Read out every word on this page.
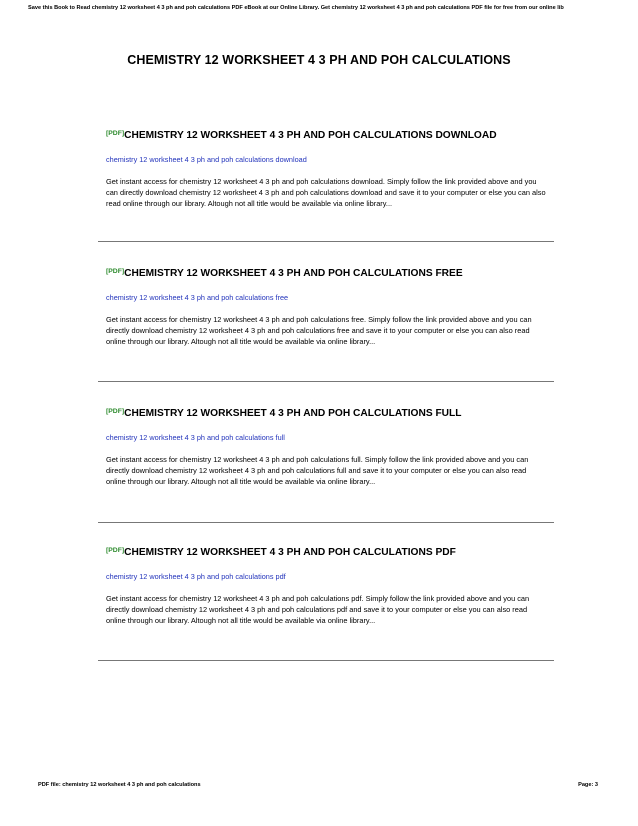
Save this Book to Read chemistry 12 worksheet 4 3 ph and poh calculations PDF eBook at our Online Library. Get chemistry 12 worksheet 4 3 ph and poh calculations PDF file for free from our online lib
CHEMISTRY 12 WORKSHEET 4 3 PH AND POH CALCULATIONS
[PDF]CHEMISTRY 12 WORKSHEET 4 3 PH AND POH CALCULATIONS DOWNLOAD
chemistry 12 worksheet 4 3 ph and poh calculations download
Get instant access for chemistry 12 worksheet 4 3 ph and poh calculations download. Simply follow the link provided above and you can directly download chemistry 12 worksheet 4 3 ph and poh calculations download and save it to your computer or else you can also read online through our library. Altough not all title would be available via online library...
[PDF]CHEMISTRY 12 WORKSHEET 4 3 PH AND POH CALCULATIONS FREE
chemistry 12 worksheet 4 3 ph and poh calculations free
Get instant access for chemistry 12 worksheet 4 3 ph and poh calculations free. Simply follow the link provided above and you can directly download chemistry 12 worksheet 4 3 ph and poh calculations free and save it to your computer or else you can also read online through our library. Altough not all title would be available via online library...
[PDF]CHEMISTRY 12 WORKSHEET 4 3 PH AND POH CALCULATIONS FULL
chemistry 12 worksheet 4 3 ph and poh calculations full
Get instant access for chemistry 12 worksheet 4 3 ph and poh calculations full. Simply follow the link provided above and you can directly download chemistry 12 worksheet 4 3 ph and poh calculations full and save it to your computer or else you can also read online through our library. Altough not all title would be available via online library...
[PDF]CHEMISTRY 12 WORKSHEET 4 3 PH AND POH CALCULATIONS PDF
chemistry 12 worksheet 4 3 ph and poh calculations pdf
Get instant access for chemistry 12 worksheet 4 3 ph and poh calculations pdf. Simply follow the link provided above and you can directly download chemistry 12 worksheet 4 3 ph and poh calculations pdf and save it to your computer or else you can also read online through our library. Altough not all title would be available via online library...
PDF file: chemistry 12 worksheet 4 3 ph and poh calculations	Page: 3
